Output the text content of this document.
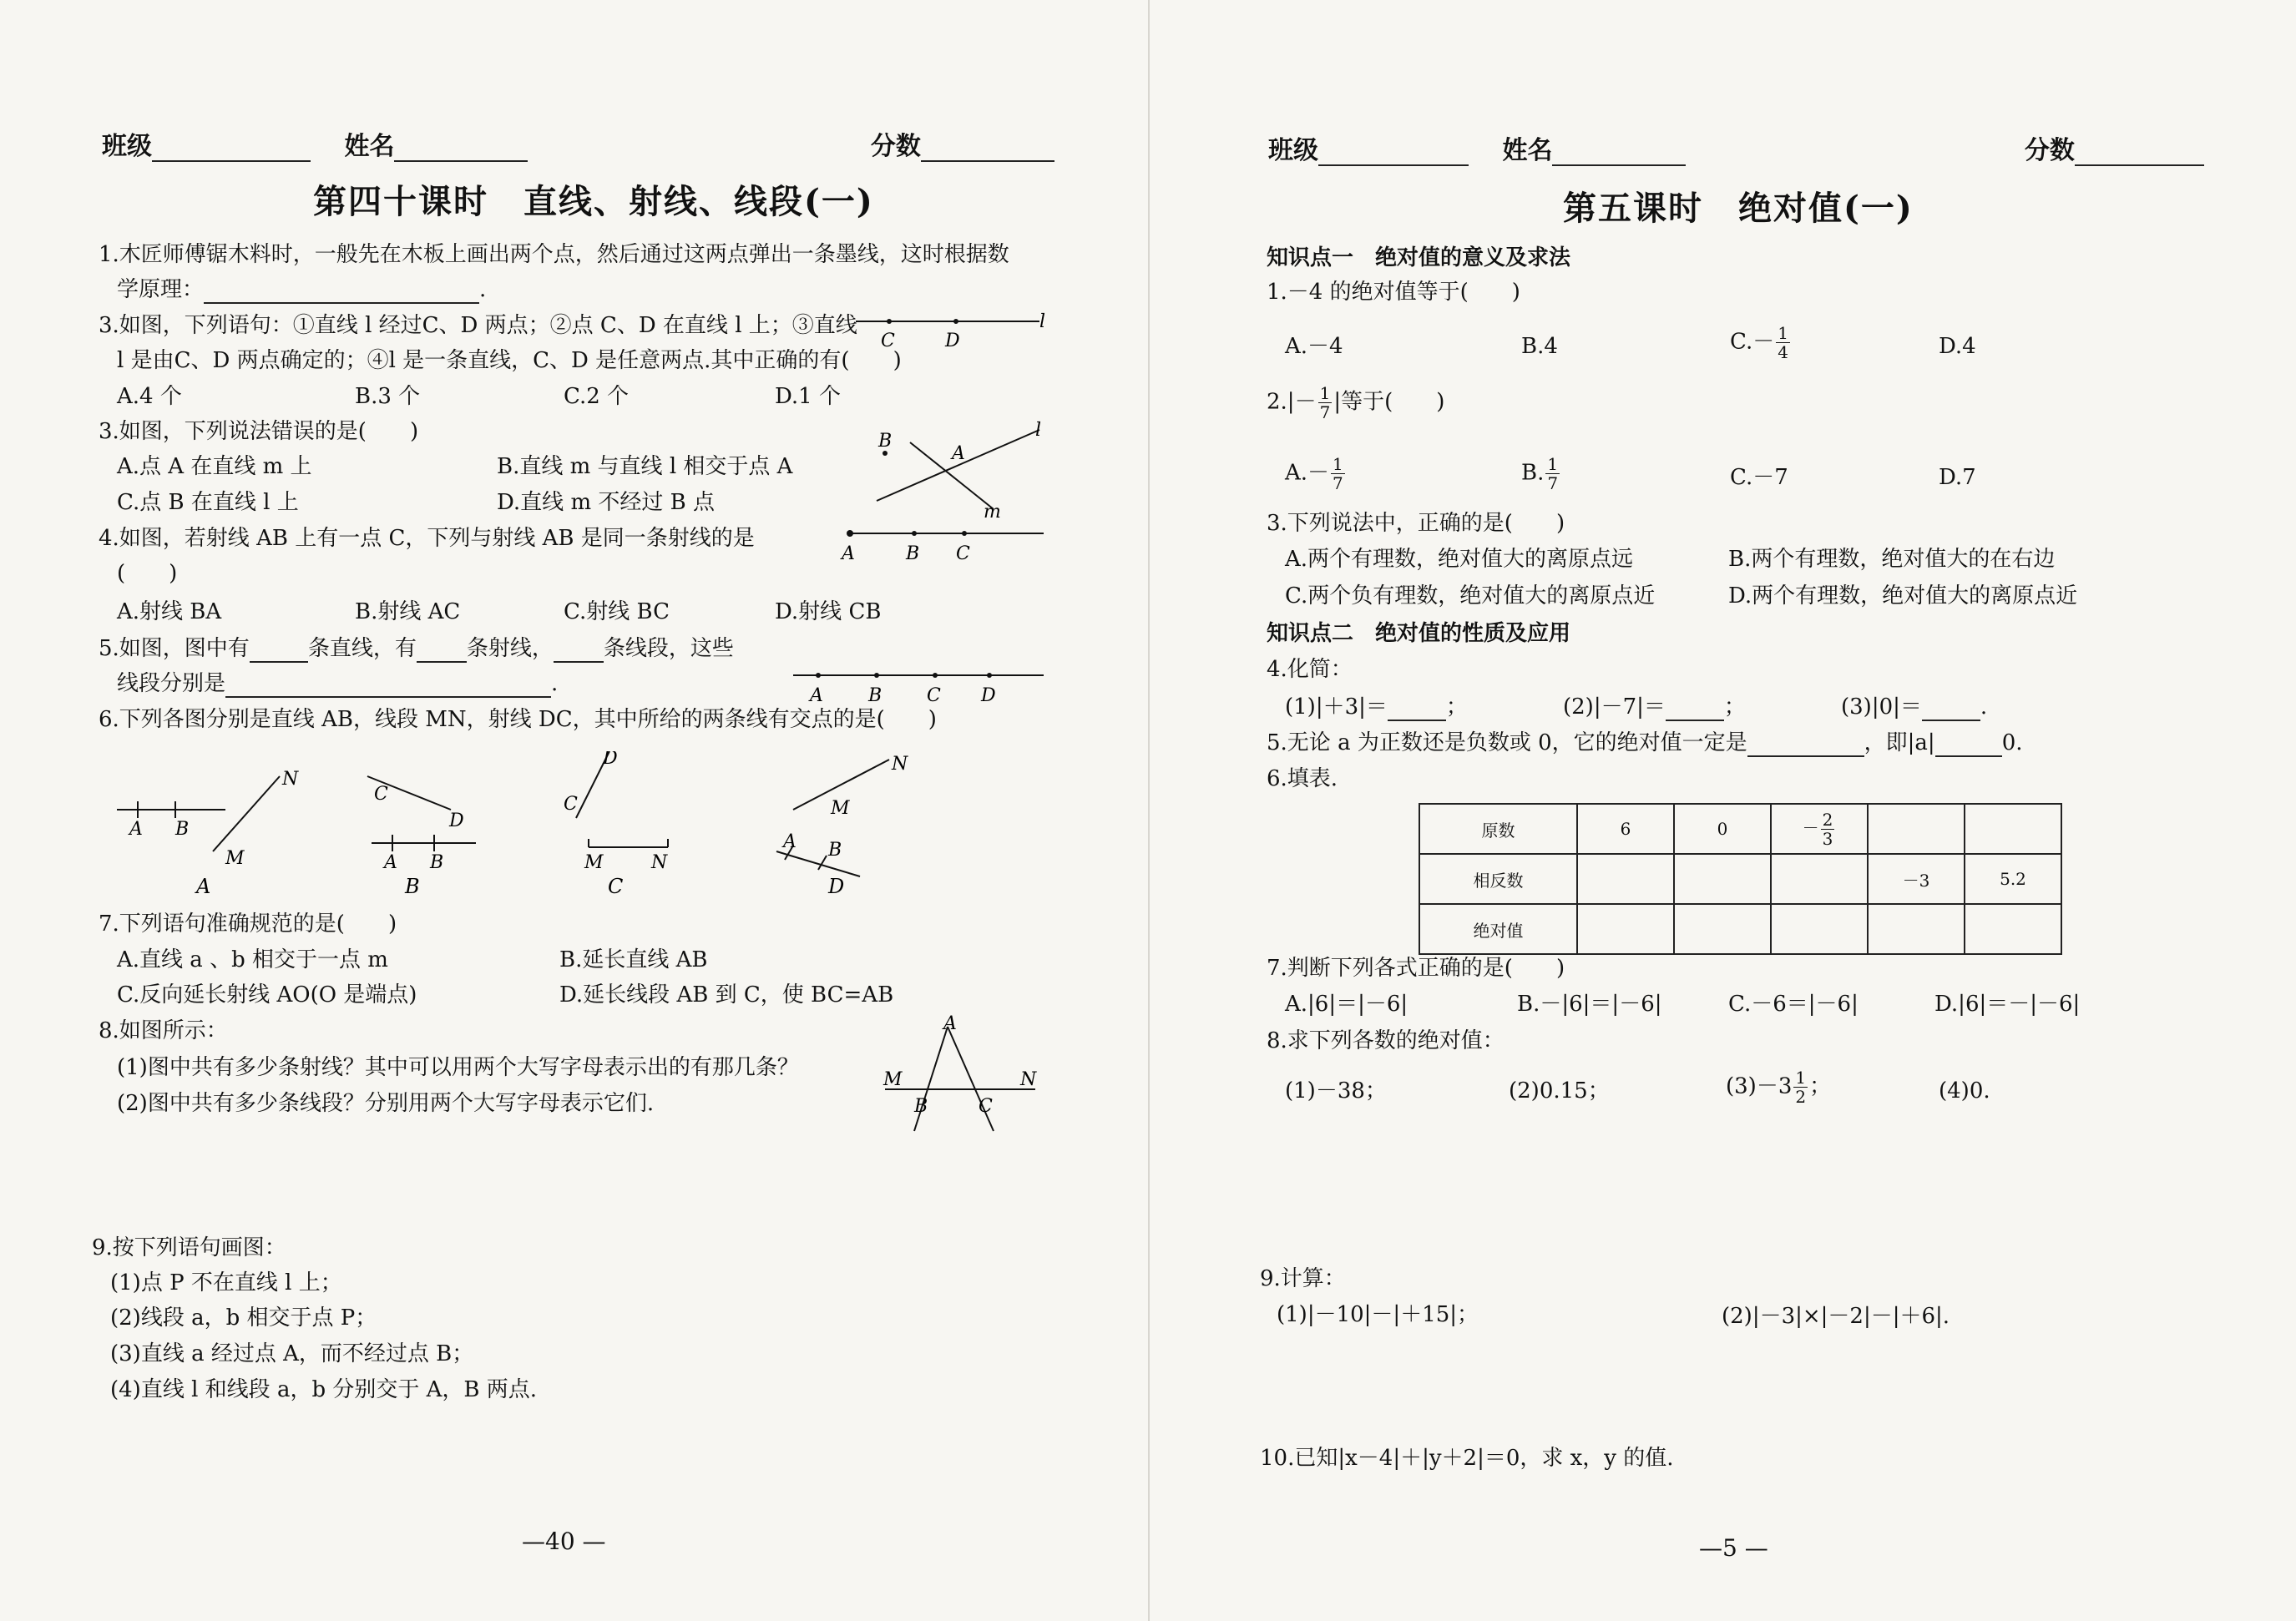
班级	姓名	分数
第四十课时　直线、射线、线段(一)
1.木匠师傅锯木料时，一般先在木板上画出两个点，然后通过这两点弹出一条墨线，这时根据数
学原理：	.
3.如图，下列语句：①直线 l 经过C、D 两点；②点 C、D 在直线 l 上；③直线
l 是由C、D 两点确定的；④l 是一条直线，C、D 是任意两点.其中正确的有(　　)
A.4 个	B.3 个	C.2 个	D.1 个
C	D
l
3.如图，下列说法错误的是(　　)
A.点 A 在直线 m 上	B.直线 m 与直线 l 相交于点 A
C.点 B 在直线 l 上	D.直线 m 不经过 B 点
B
A
l
m
4.如图，若射线 AB 上有一点 C，下列与射线 AB 是同一条射线的是
(　　)
A.射线 BA	B.射线 AC	C.射线 BC	D.射线 CB
A	B C
5.如图，图中有	条直线，有 条射线， 条线段，这些
线段分别是	.	A B C D
6.下列各图分别是直线 AB，线段 MN，射线 DC，其中所给的两条线有交点的是(　　)
A B
N
M
A
C
D
A B
B
D
C
M	N
C
N
M
A B
D
7.下列语句准确规范的是(　　)
A.直线 a 、b 相交于一点 m	B.延长直线 AB
C.反向延长射线 AO(O 是端点)	D.延长线段 AB 到 C，使 BC=AB
8.如图所示：
(1)图中共有多少条射线？其中可以用两个大写字母表示出的有那几条？
(2)图中共有多少条线段？分别用两个大写字母表示它们.
A
M	N
B	C
9.按下列语句画图：
(1)点 P 不在直线 l 上；
(2)线段 a，b 相交于点 P；
(3)直线 a 经过点 A，而不经过点 B；
(4)直线 l 和线段 a，b 分别交于 A，B 两点.
—40 —
班级	姓名	分数
第五课时　绝对值(一)
知识点一　绝对值的意义及求法
1.－4 的绝对值等于(　　)
A.－4	B.4	$C.- \frac{1}{4}$	D.4
$2.|- \frac{1}{7}$ |等于(　　)
$A.- \frac{1}{7}$	B. $\frac{1}{7}$	C.－7	D.7
3.下列说法中，正确的是(　　)
A.两个有理数，绝对值大的离原点远	B.两个有理数，绝对值大的在右边
C.两个负有理数，绝对值大的离原点近	D.两个有理数，绝对值大的离原点近
知识点二　绝对值的性质及应用
4.化简：
(1)|＋3|＝	；	(2)|－7|＝	；	(3)|0|＝	.
5.无论 a 为正数还是负数或 0，它的绝对值一定是	，即|a|	0.
6.填表.
原数	6	0	－ $\frac{2}{3}$

相反数				－3	5.2
绝对值					
7.判断下列各式正确的是(　　)
A.|6|＝|－6|	B.－|6|＝|－6|	C.－6＝|－6|	D.|6|＝－|－6|
8.求下列各数的绝对值：
(1)－38；	(2)0.15；	$(3)-3 \frac{1}{2}$ ；	(4)0.
9.计算：
(1)|－10|－|＋15|；	(2)|－3|×|－2|－|＋6|.
10.已知|x－4|＋|y＋2|＝0，求 x，y 的值.
—5 —
